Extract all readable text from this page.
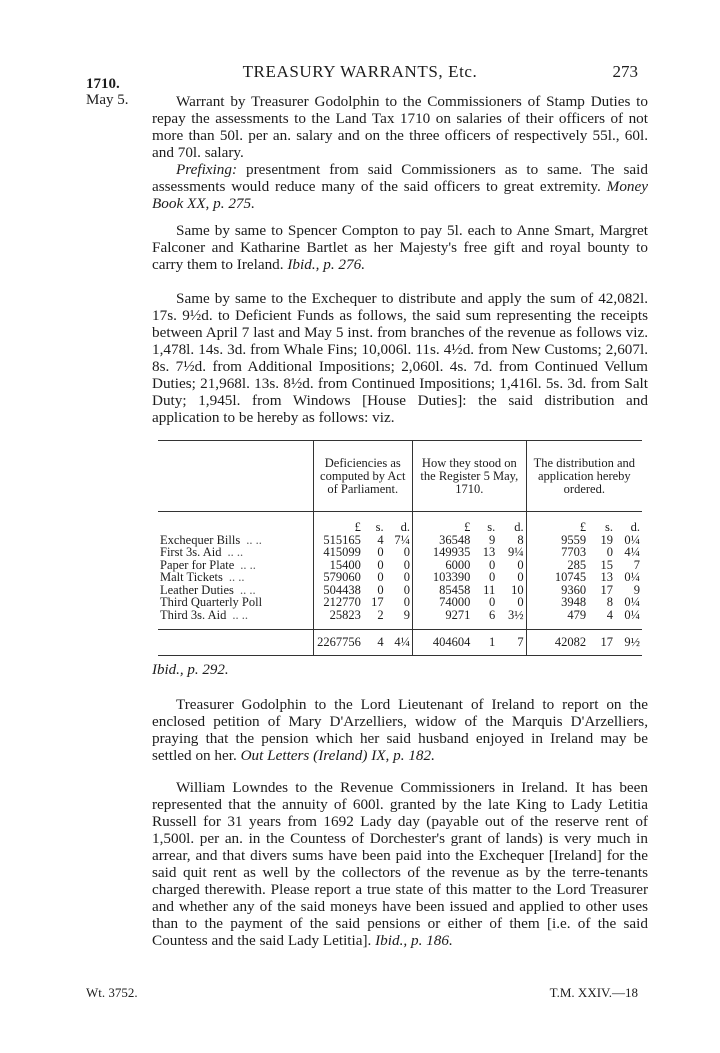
TREASURY WARRANTS, Etc.	273
1710.
May 5.	Warrant by Treasurer Godolphin to the Commissioners of Stamp Duties to repay the assessments to the Land Tax 1710 on salaries of their officers of not more than 50l. per an. salary and on the three officers of respectively 55l., 60l. and 70l. salary.

Prefixing: presentment from said Commissioners as to same. The said assessments would reduce many of the said officers to great extremity. Money Book XX, p. 275.

Same by same to Spencer Compton to pay 5l. each to Anne Smart, Margret Falconer and Katharine Bartlet as her Majesty's free gift and royal bounty to carry them to Ireland. Ibid., p. 276.

Same by same to the Exchequer to distribute and apply the sum of 42,082l. 17s. 9½d. to Deficient Funds as follows, the said sum representing the receipts between April 7 last and May 5 inst. from branches of the revenue as follows viz. 1,478l. 14s. 3d. from Whale Fins; 10,006l. 11s. 4½d. from New Customs; 2,607l. 8s. 7½d. from Additional Impositions; 2,060l. 4s. 7d. from Continued Vellum Duties; 21,968l. 13s. 8½d. from Continued Impositions; 1,416l. 5s. 3d. from Salt Duty; 1,945l. from Windows [House Duties]: the said distribution and application to be hereby as follows: viz.

	Deficiencies as computed by Act of Parliament.			How they stood on the Register 5 May, 1710.			The distribution and application hereby ordered.		
	£	s.	d.	£	s.	d.	£	s.	d.
Exchequer Bills .. ..	515165	4	7¼	36548	9	8	9559	19	0¼
First 3s. Aid .. ..	415099	0	0	149935	13	9¼	7703	0	4¼
Paper for Plate .. ..	15400	0	0	6000	0	0	285	15	7
Malt Tickets .. ..	579060	0	0	103390	0	0	10745	13	0¼
Leather Duties .. ..	504438	0	0	85458	11	10	9360	17	9
Third Quarterly Poll	212770	17	0	74000	0	0	3948	8	0¼
Third 3s. Aid .. ..	25823	2	9	9271	6	3½	479	4	0¼

	2267756	4	4¼	404604	1	7	42082	17	9½
Ibid., p. 292.

Treasurer Godolphin to the Lord Lieutenant of Ireland to report on the enclosed petition of Mary D'Arzelliers, widow of the Marquis D'Arzelliers, praying that the pension which her said husband enjoyed in Ireland may be settled on her. Out Letters (Ireland) IX, p. 182.

William Lowndes to the Revenue Commissioners in Ireland. It has been represented that the annuity of 600l. granted by the late King to Lady Letitia Russell for 31 years from 1692 Lady day (payable out of the reserve rent of 1,500l. per an. in the Countess of Dorchester's grant of lands) is very much in arrear, and that divers sums have been paid into the Exchequer [Ireland] for the said quit rent as well by the collectors of the revenue as by the terre-tenants charged therewith. Please report a true state of this matter to the Lord Treasurer and whether any of the said moneys have been issued and applied to other uses than to the payment of the said pensions or either of them [i.e. of the said Countess and the said Lady Letitia]. Ibid., p. 186.

Wt. 3752.	T.M. XXIV.—18
